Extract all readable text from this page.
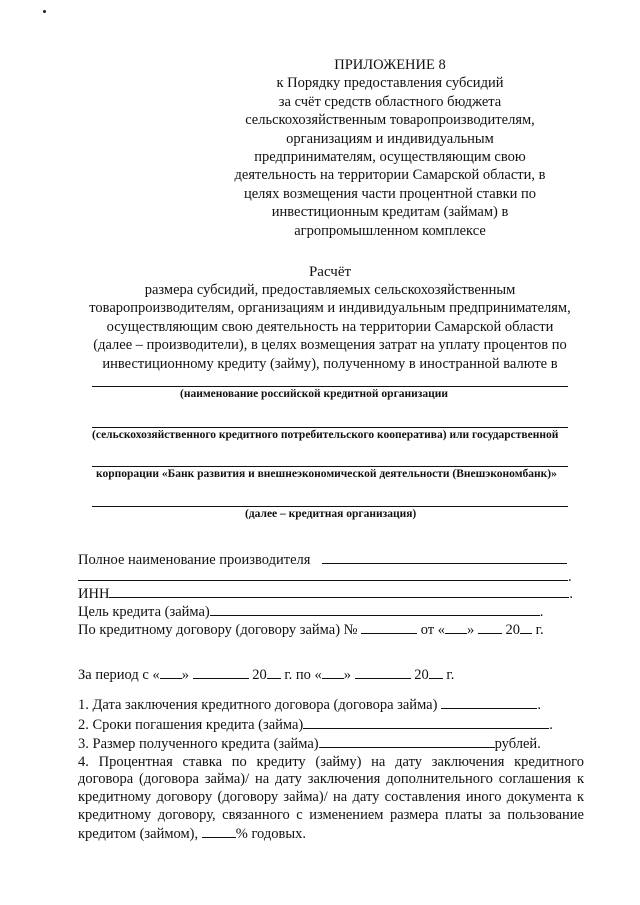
ПРИЛОЖЕНИЕ 8
к Порядку предоставления субсидий
за счёт средств областного бюджета
сельскохозяйственным товаропроизводителям,
организациям и индивидуальным
предпринимателям, осуществляющим свою
деятельность на территории Самарской области, в
целях возмещения части процентной ставки по
инвестиционным кредитам (займам) в
агропромышленном комплексе
Расчёт
размера субсидий, предоставляемых сельскохозяйственным
товаропроизводителям, организациям и индивидуальным предпринимателям,
осуществляющим свою деятельность на территории Самарской области
(далее – производители), в целях возмещения затрат на уплату процентов по
инвестиционному кредиту (займу), полученному в иностранной валюте в
(наименование российской кредитной организации
(сельскохозяйственного кредитного потребительского кооператива) или государственной
корпорации «Банк развития и внешнеэкономической деятельности (Внешэкономбанк)»
(далее – кредитная организация)
Полное наименование производителя
.
ИНН	.
Цель кредита (займа)	.
По кредитному договору (договору займа) №	от « » 20 г.
За период с « »	20 г. по « »	20 г.
1. Дата заключения кредитного договора (договора займа)	.
2. Сроки погашения кредита (займа)	.
3. Размер полученного кредита (займа)	рублей.
4. Процентная ставка по кредиту (займу) на дату заключения кредитного
договора (договора займа)/ на дату заключения дополнительного соглашения к
кредитному договору (договору займа)/ на дату составления иного документа к
кредитному договору, связанного с изменением размера платы за пользование
кредитом (займом),	% годовых.
